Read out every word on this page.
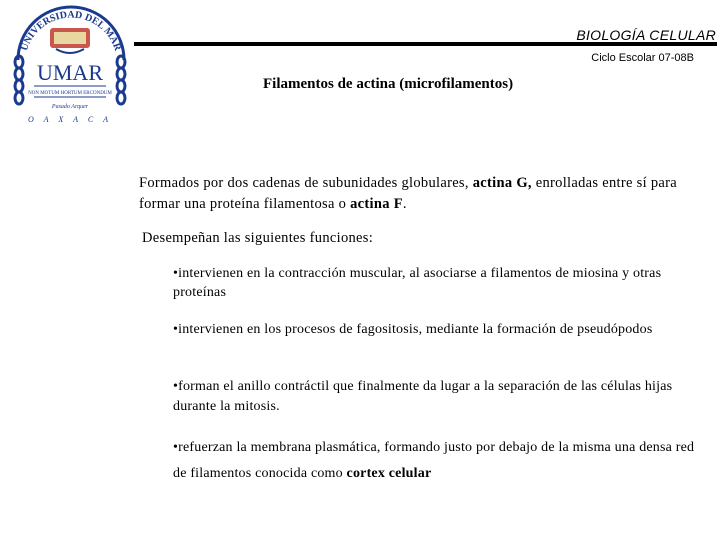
UNIVERSIDAD DEL MAR
UMAR
NON MOTUM HORTUM ERCONDUM
Pasado Arquer
O A X A C A
BIOLOGÍA CELULAR
Ciclo Escolar 07-08B
Filamentos de actina (microfilamentos)
Formados por dos cadenas de subunidades globulares, actina G, enrolladas entre sí para formar una proteína filamentosa o actina F.
Desempeñan las siguientes funciones:
•intervienen en la contracción muscular, al asociarse a filamentos de miosina y otras proteínas
•intervienen en los procesos de fagositosis, mediante la formación de pseudópodos
•forman el anillo contráctil que finalmente da lugar a la separación de las células hijas durante la mitosis.
•refuerzan la membrana plasmática, formando justo por debajo de la misma una densa red de filamentos conocida como cortex celular
